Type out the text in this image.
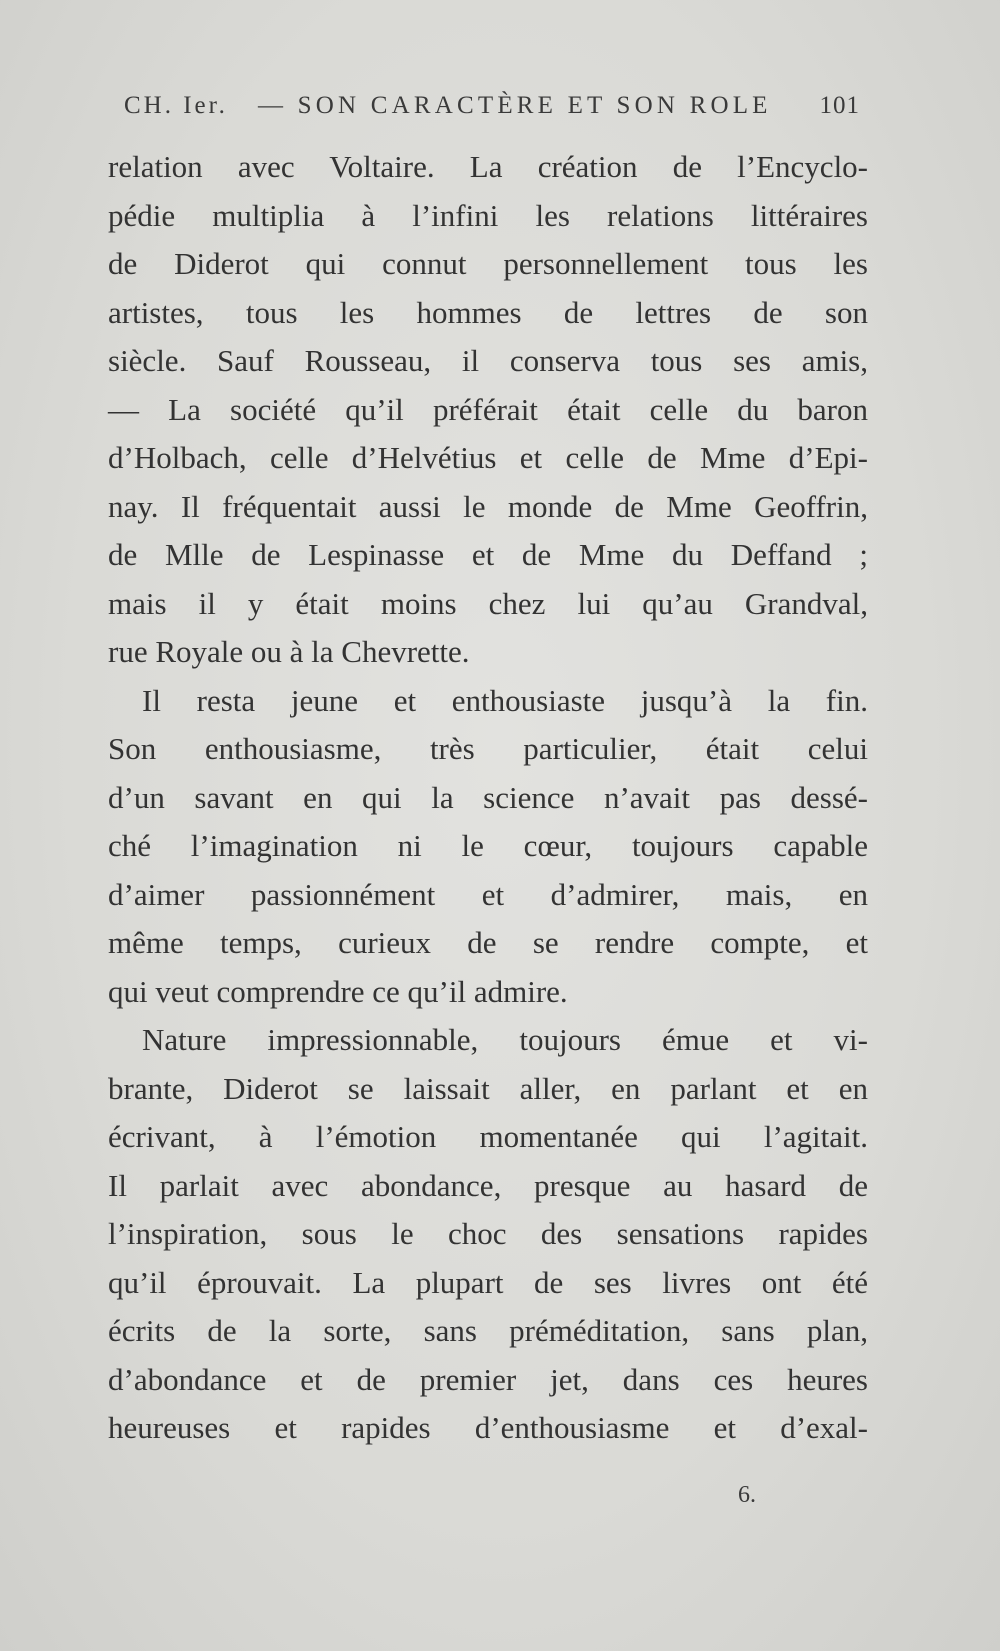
CH. Ier. — SON CARACTÈRE ET SON ROLE 101
relation avec Voltaire. La création de l’Encyclo-
pédie multiplia à l’infini les relations littéraires
de Diderot qui connut personnellement tous les
artistes, tous les hommes de lettres de son
siècle. Sauf Rousseau, il conserva tous ses amis,
— La société qu’il préférait était celle du baron
d’Holbach, celle d’Helvétius et celle de Mme d’Epi-
nay. Il fréquentait aussi le monde de Mme Geoffrin,
de Mlle de Lespinasse et de Mme du Deffand ;
mais il y était moins chez lui qu’au Grandval,
rue Royale ou à la Chevrette.
Il resta jeune et enthousiaste jusqu’à la fin.
Son enthousiasme, très particulier, était celui
d’un savant en qui la science n’avait pas dessé-
ché l’imagination ni le cœur, toujours capable
d’aimer passionnément et d’admirer, mais, en
même temps, curieux de se rendre compte, et
qui veut comprendre ce qu’il admire.
Nature impressionnable, toujours émue et vi-
brante, Diderot se laissait aller, en parlant et en
écrivant, à l’émotion momentanée qui l’agitait.
Il parlait avec abondance, presque au hasard de
l’inspiration, sous le choc des sensations rapides
qu’il éprouvait. La plupart de ses livres ont été
écrits de la sorte, sans préméditation, sans plan,
d’abondance et de premier jet, dans ces heures
heureuses et rapides d’enthousiasme et d’exal-
6.
